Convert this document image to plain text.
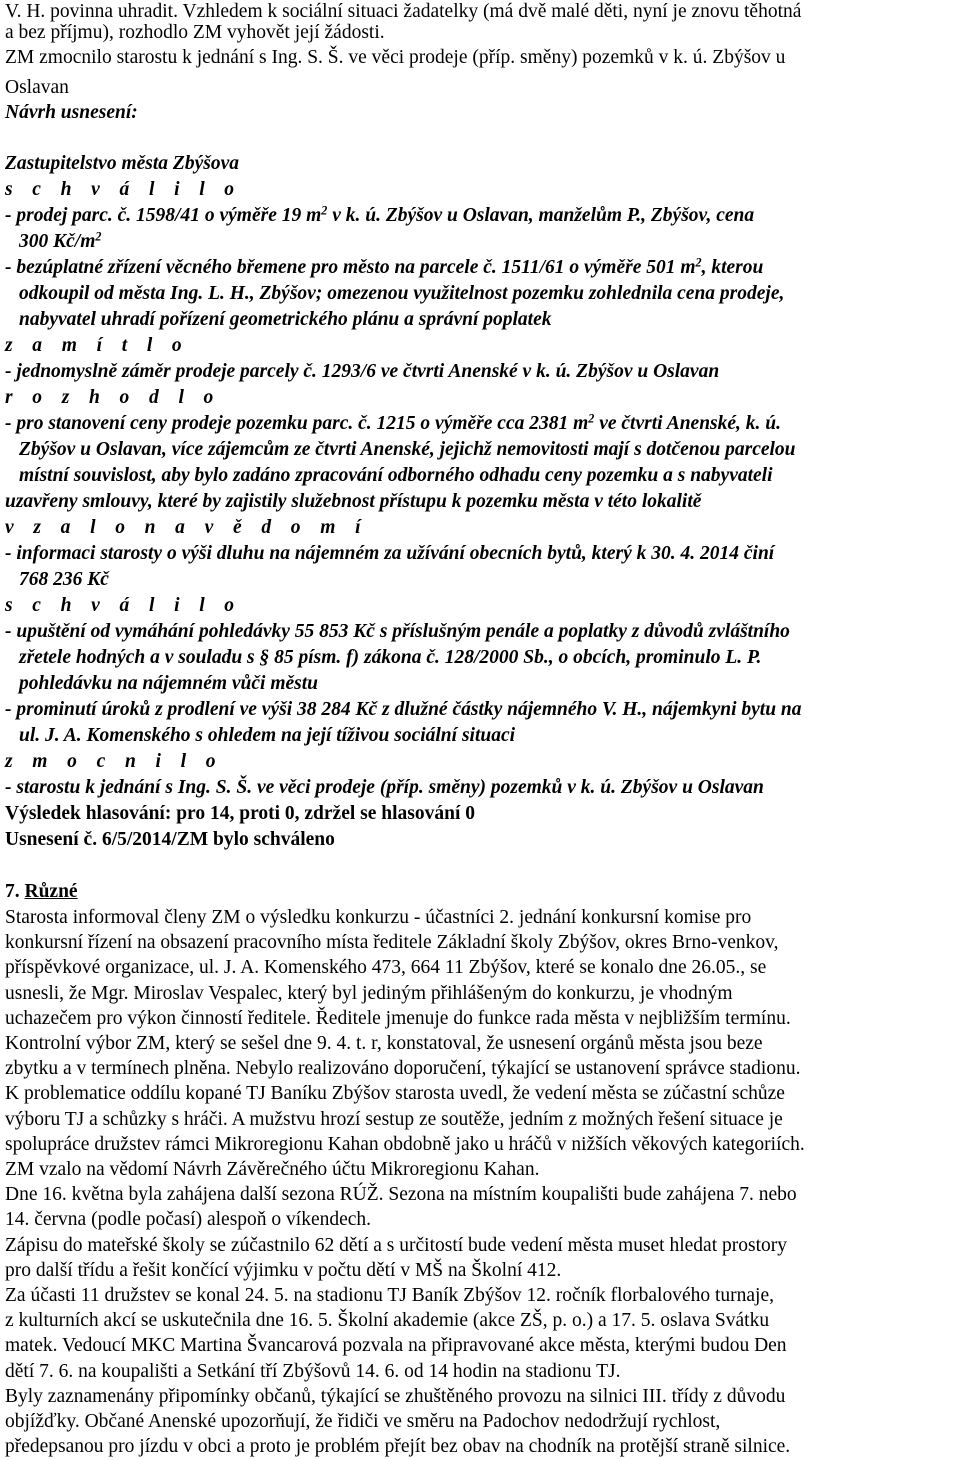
V. H. povinna uhradit. Vzhledem k sociální situaci žadatelky (má dvě malé děti, nyní je znovu těhotná
a bez příjmu), rozhodlo ZM vyhovět její žádosti.
ZM zmocnilo starostu k jednání s Ing. S. Š. ve věci prodeje (příp. směny) pozemků v k. ú. Zbýšov u
Oslavan
Návrh usnesení:
Zastupitelstvo města Zbýšova
s c h v á l i l o
- prodej parc. č. 1598/41 o výměře 19 $m^2$ v k. ú. Zbýšov u Oslavan, manželům P., Zbýšov, cena
300 $Kč/m^2$
- bezúplatné zřízení věcného břemene pro město na parcele č. 1511/61 o výměře 501 $m^2$, kterou
odkoupil od města Ing. L. H., Zbýšov; omezenou využitelnost pozemku zohlednila cena prodeje,
nabyvatel uhradí pořízení geometrického plánu a správní poplatek
z a m í t l o
- jednomyslně záměr prodeje parcely č. 1293/6 ve čtvrti Anenské v k. ú. Zbýšov u Oslavan
r o z h o d l o
- pro stanovení ceny prodeje pozemku parc. č. 1215 o výměře cca 2381 $m^2$ ve čtvrti Anenské, k. ú.
Zbýšov u Oslavan, více zájemcům ze čtvrti Anenské, jejichž nemovitosti mají s dotčenou parcelou
místní souvislost, aby bylo zadáno zpracování odborného odhadu ceny pozemku a s nabyvateli
uzavřeny smlouvy, které by zajistily služebnost přístupu k pozemku města v této lokalitě
v z a l o n a v ě d o m í
- informaci starosty o výši dluhu na nájemném za užívání obecních bytů, který k 30. 4. 2014 činí
768 236 Kč
s c h v á l i l o
- upuštění od vymáhání pohledávky 55 853 Kč s příslušným penále a poplatky z důvodů zvláštního
zřetele hodných a v souladu s § 85 písm. f) zákona č. 128/2000 Sb., o obcích, prominulo L. P.
pohledávku na nájemném vůči městu
- prominutí úroků z prodlení ve výši 38 284 Kč z dlužné částky nájemného V. H., nájemkyni bytu na
ul. J. A. Komenského s ohledem na její tíživou sociální situaci
z m o c n i l o
- starostu k jednání s Ing. S. Š. ve věci prodeje (příp. směny) pozemků v k. ú. Zbýšov u Oslavan
Výsledek hlasování: pro 14, proti 0, zdržel se hlasování 0
Usnesení č. 6/5/2014/ZM bylo schváleno
7. Různé
Starosta informoval členy ZM o výsledku konkurzu - účastníci 2. jednání konkursní komise pro
konkursní řízení na obsazení pracovního místa ředitele Základní školy Zbýšov, okres Brno-venkov,
příspěvkové organizace, ul. J. A. Komenského 473, 664 11 Zbýšov, které se konalo dne 26.05., se
usnesli, že Mgr. Miroslav Vespalec, který byl jediným přihlášeným do konkurzu, je vhodným
uchazečem pro výkon činností ředitele. Ředitele jmenuje do funkce rada města v nejbližším termínu.
Kontrolní výbor ZM, který se sešel dne 9. 4. t. r, konstatoval, že usnesení orgánů města jsou beze
zbytku a v termínech plněna. Nebylo realizováno doporučení, týkající se ustanovení správce stadionu.
K problematice oddílu kopané TJ Baníku Zbýšov starosta uvedl, že vedení města se zúčastní schůze
výboru TJ a schůzky s hráči. A mužstvu hrozí sestup ze soutěže, jedním z možných řešení situace je
spolupráce družstev rámci Mikroregionu Kahan obdobně jako u hráčů v nižších věkových kategoriích.
ZM vzalo na vědomí Návrh Závěrečného účtu Mikroregionu Kahan.
Dne 16. května byla zahájena další sezona RÚŽ. Sezona na místním koupališti bude zahájena 7. nebo
14. června (podle počasí) alespoň o víkendech.
Zápisu do mateřské školy se zúčastnilo 62 dětí a s určitostí bude vedení města muset hledat prostory
pro další třídu a řešit končící výjimku v počtu dětí v MŠ na Školní 412.
Za účasti 11 družstev se konal 24. 5. na stadionu TJ Baník Zbýšov 12. ročník florbalového turnaje,
z kulturních akcí se uskutečnila dne 16. 5. Školní akademie (akce ZŠ, p. o.) a 17. 5. oslava Svátku
matek. Vedoucí MKC Martina Švancarová pozvala na připravované akce města, kterými budou Den
dětí 7. 6. na koupališti a Setkání tří Zbýšovů 14. 6. od 14 hodin na stadionu TJ.
Byly zaznamenány připomínky občanů, týkající se zhuštěného provozu na silnici III. třídy z důvodu
objížďky. Občané Anenské upozorňují, že řidiči ve směru na Padochov nedodržují rychlost,
předepsanou pro jízdu v obci a proto je problém přejít bez obav na chodník na protější straně silnice.
